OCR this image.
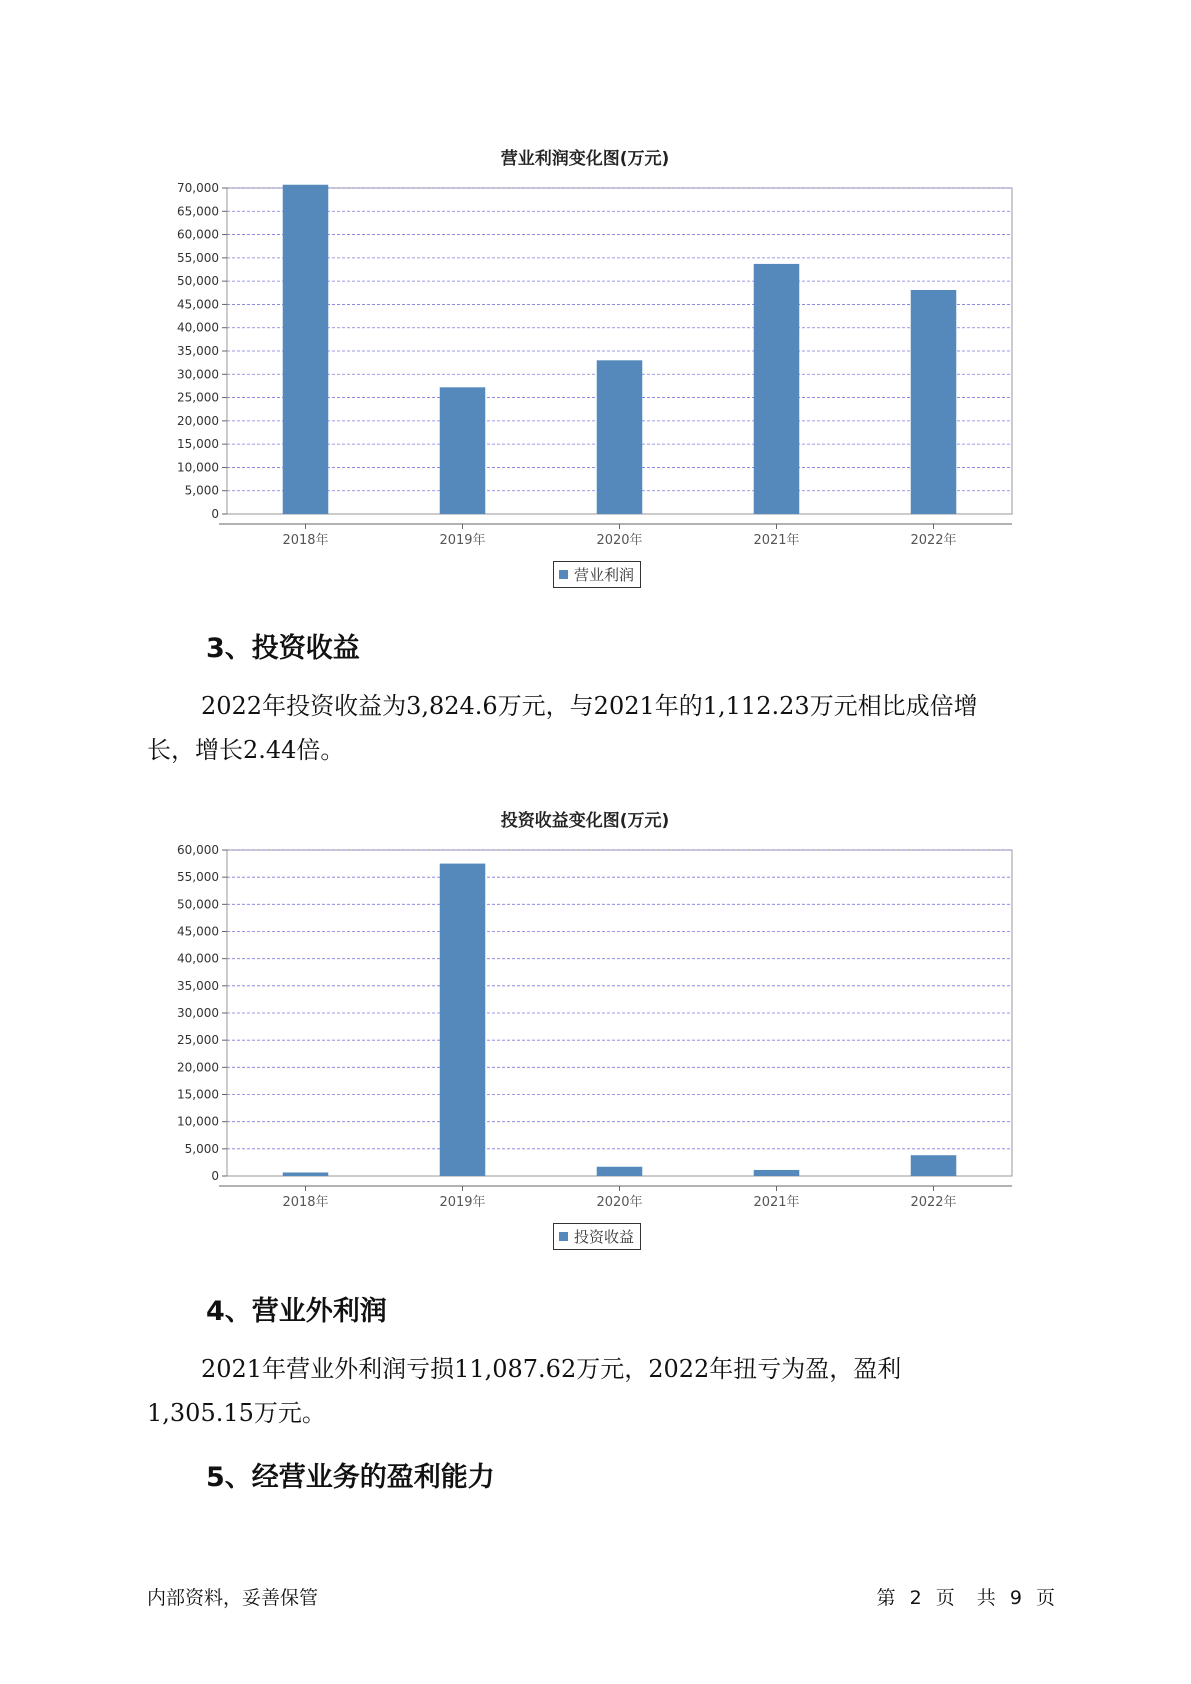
营业利润变化图(万元)
0
5,000
10,000
15,000
20,000
25,000
30,000
35,000
40,000
45,000
50,000
55,000
60,000
65,000
70,000
2018年	2019年	2020年	2021年	2022年
营业利润
3、投资收益
2022年投资收益为3,824.6万元，与2021年的1,112.23万元相比成倍增
长，增长2.44倍。
投资收益变化图(万元)
0
5,000
10,000
15,000
20,000
25,000
30,000
35,000
40,000
45,000
50,000
55,000
60,000
2018年	2019年	2020年	2021年	2022年
投资收益
4、营业外利润
2021年营业外利润亏损11,087.62万元，2022年扭亏为盈，盈利
1,305.15万元。
5、经营业务的盈利能力
内部资料，妥善保管	第 2 页 共 9 页
